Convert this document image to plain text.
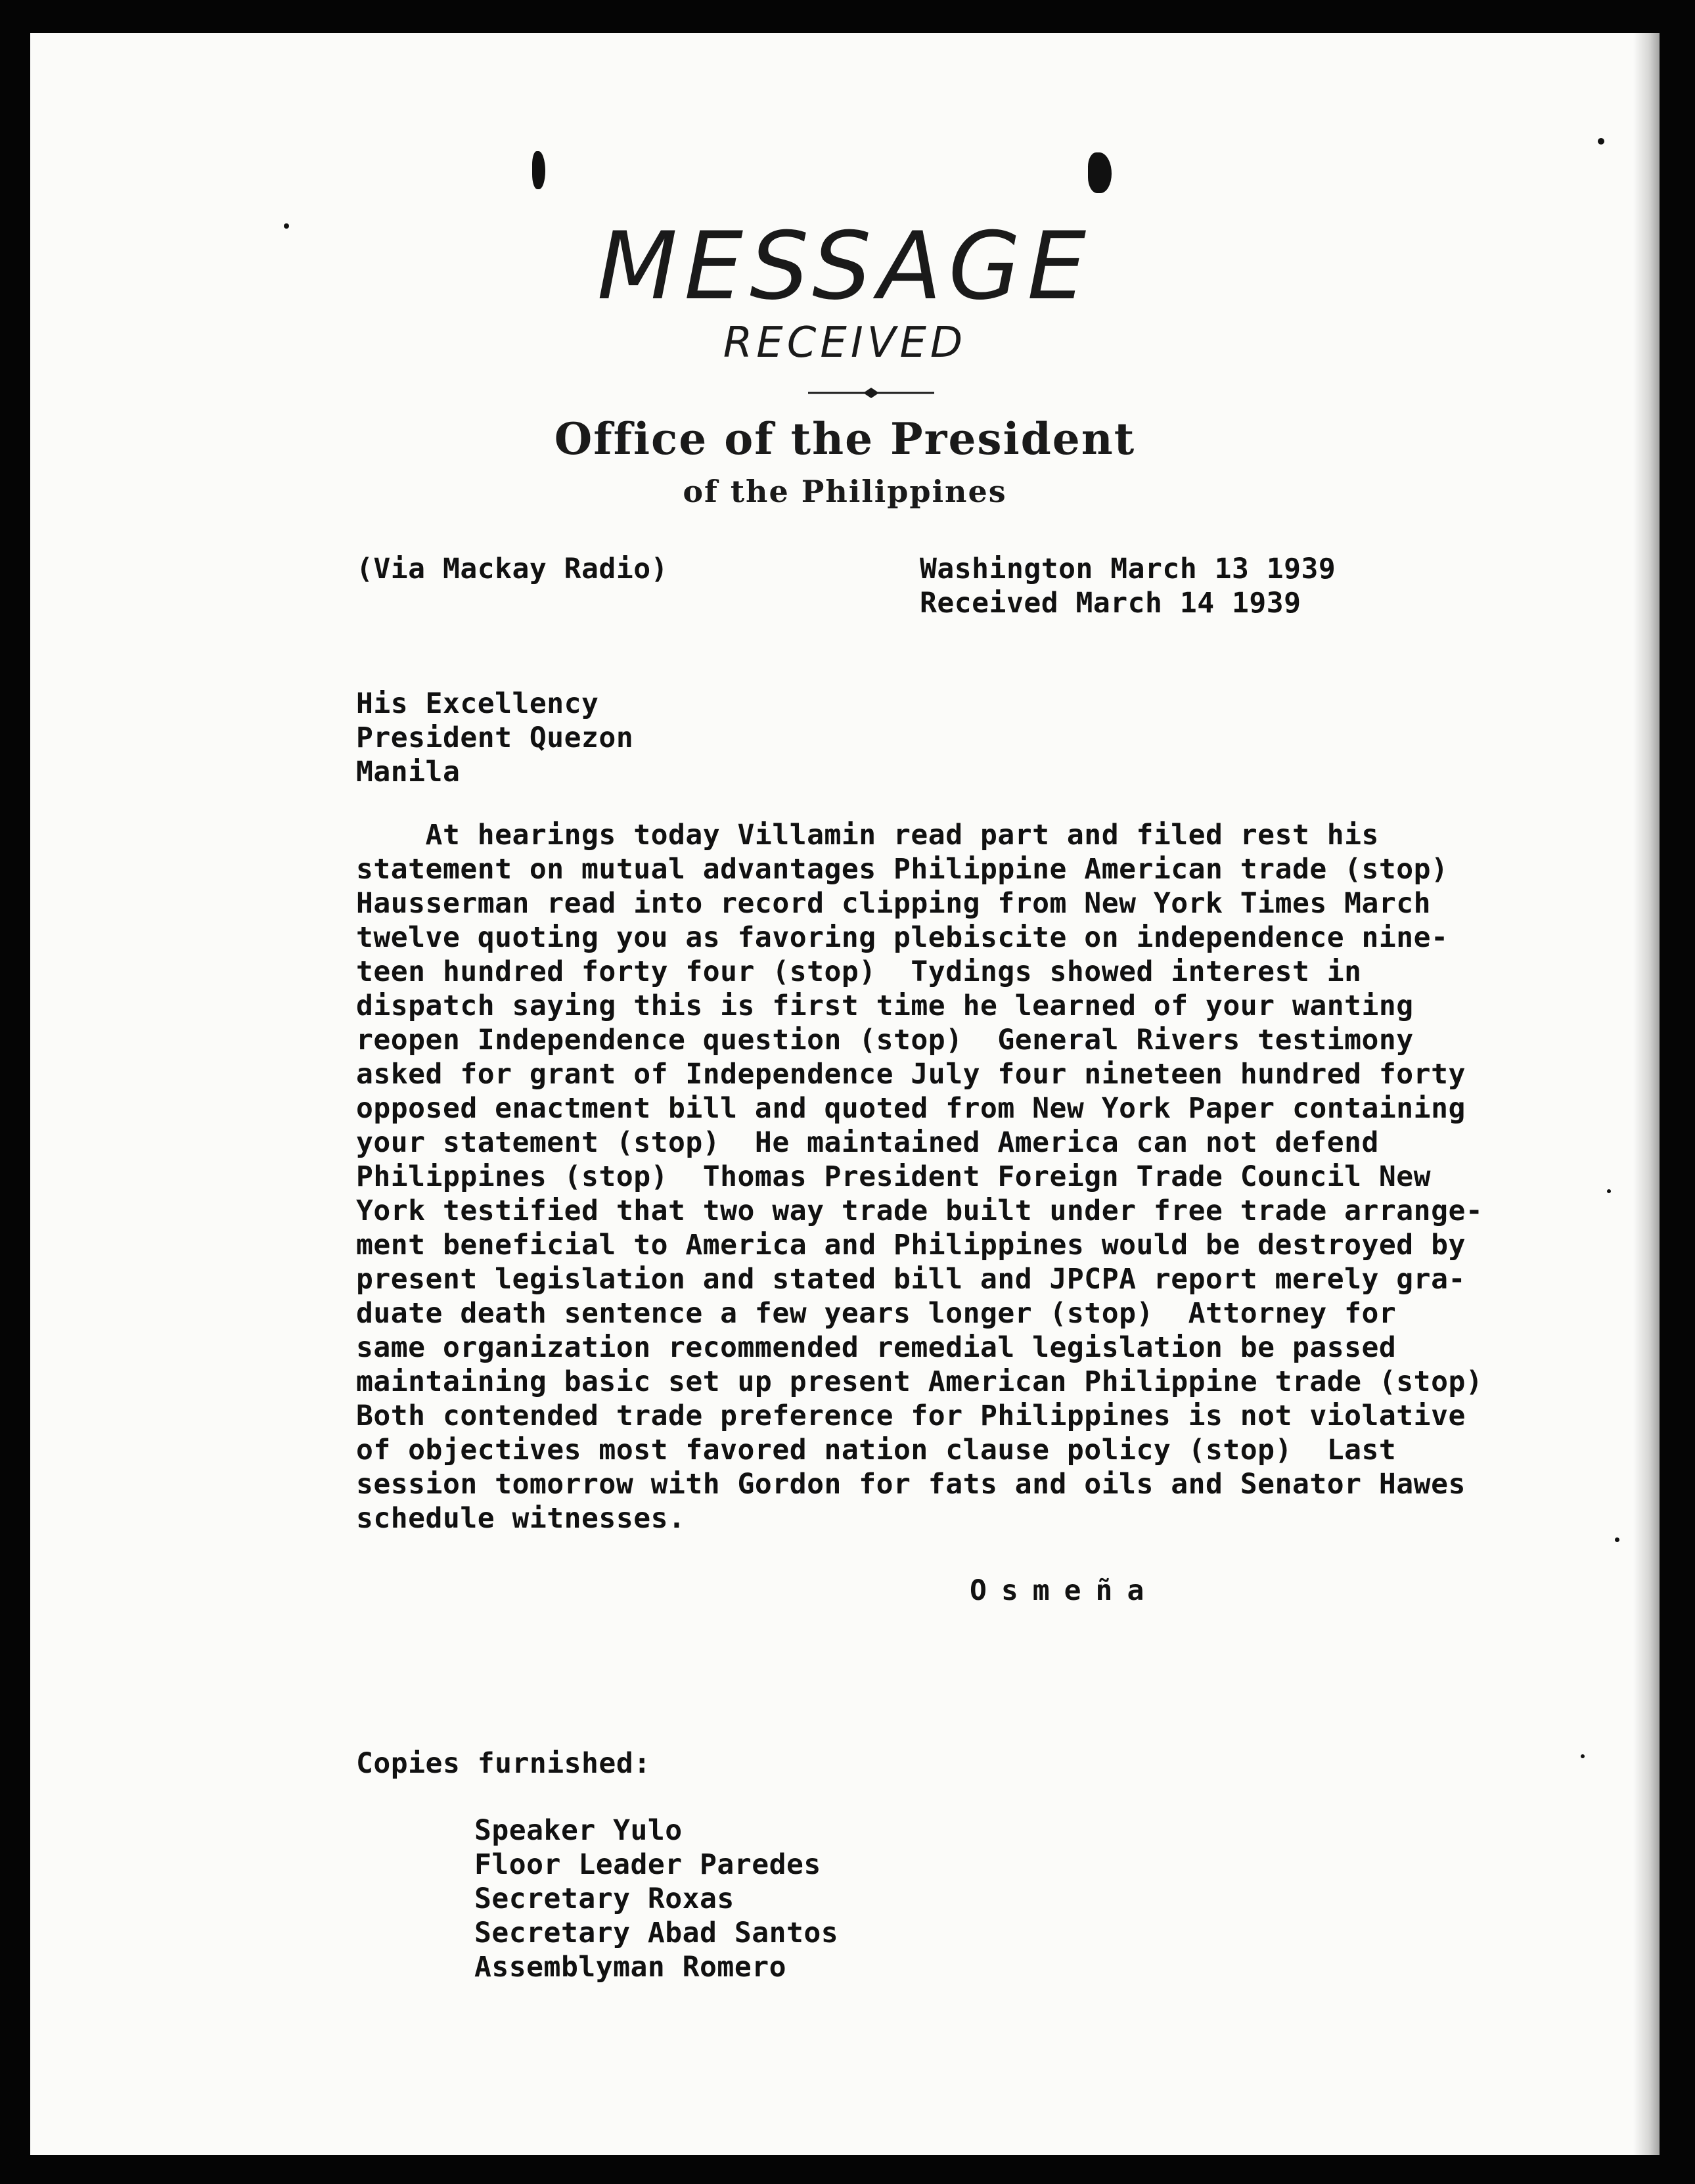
MESSAGE
RECEIVED
Office of the President
of the Philippines
(Via Mackay Radio)	Washington March 13 1939
Received March 14 1939
His Excellency
President Quezon
Manila
At hearings today Villamin read part and filed rest his
statement on mutual advantages Philippine American trade (stop)
Hausserman read into record clipping from New York Times March
twelve quoting you as favoring plebiscite on independence nine-
teen hundred forty four (stop)  Tydings showed interest in
dispatch saying this is first time he learned of your wanting
reopen Independence question (stop)  General Rivers testimony
asked for grant of Independence July four nineteen hundred forty
opposed enactment bill and quoted from New York Paper containing
your statement (stop)  He maintained America can not defend
Philippines (stop)  Thomas President Foreign Trade Council New
York testified that two way trade built under free trade arrange-
ment beneficial to America and Philippines would be destroyed by
present legislation and stated bill and JPCPA report merely gra-
duate death sentence a few years longer (stop)  Attorney for
same organization recommended remedial legislation be passed
maintaining basic set up present American Philippine trade (stop)
Both contended trade preference for Philippines is not violative
of objectives most favored nation clause policy (stop)  Last
session tomorrow with Gordon for fats and oils and Senator Hawes
schedule witnesses.
Osmeña
Copies furnished:
Speaker Yulo
Floor Leader Paredes
Secretary Roxas
Secretary Abad Santos
Assemblyman Romero
